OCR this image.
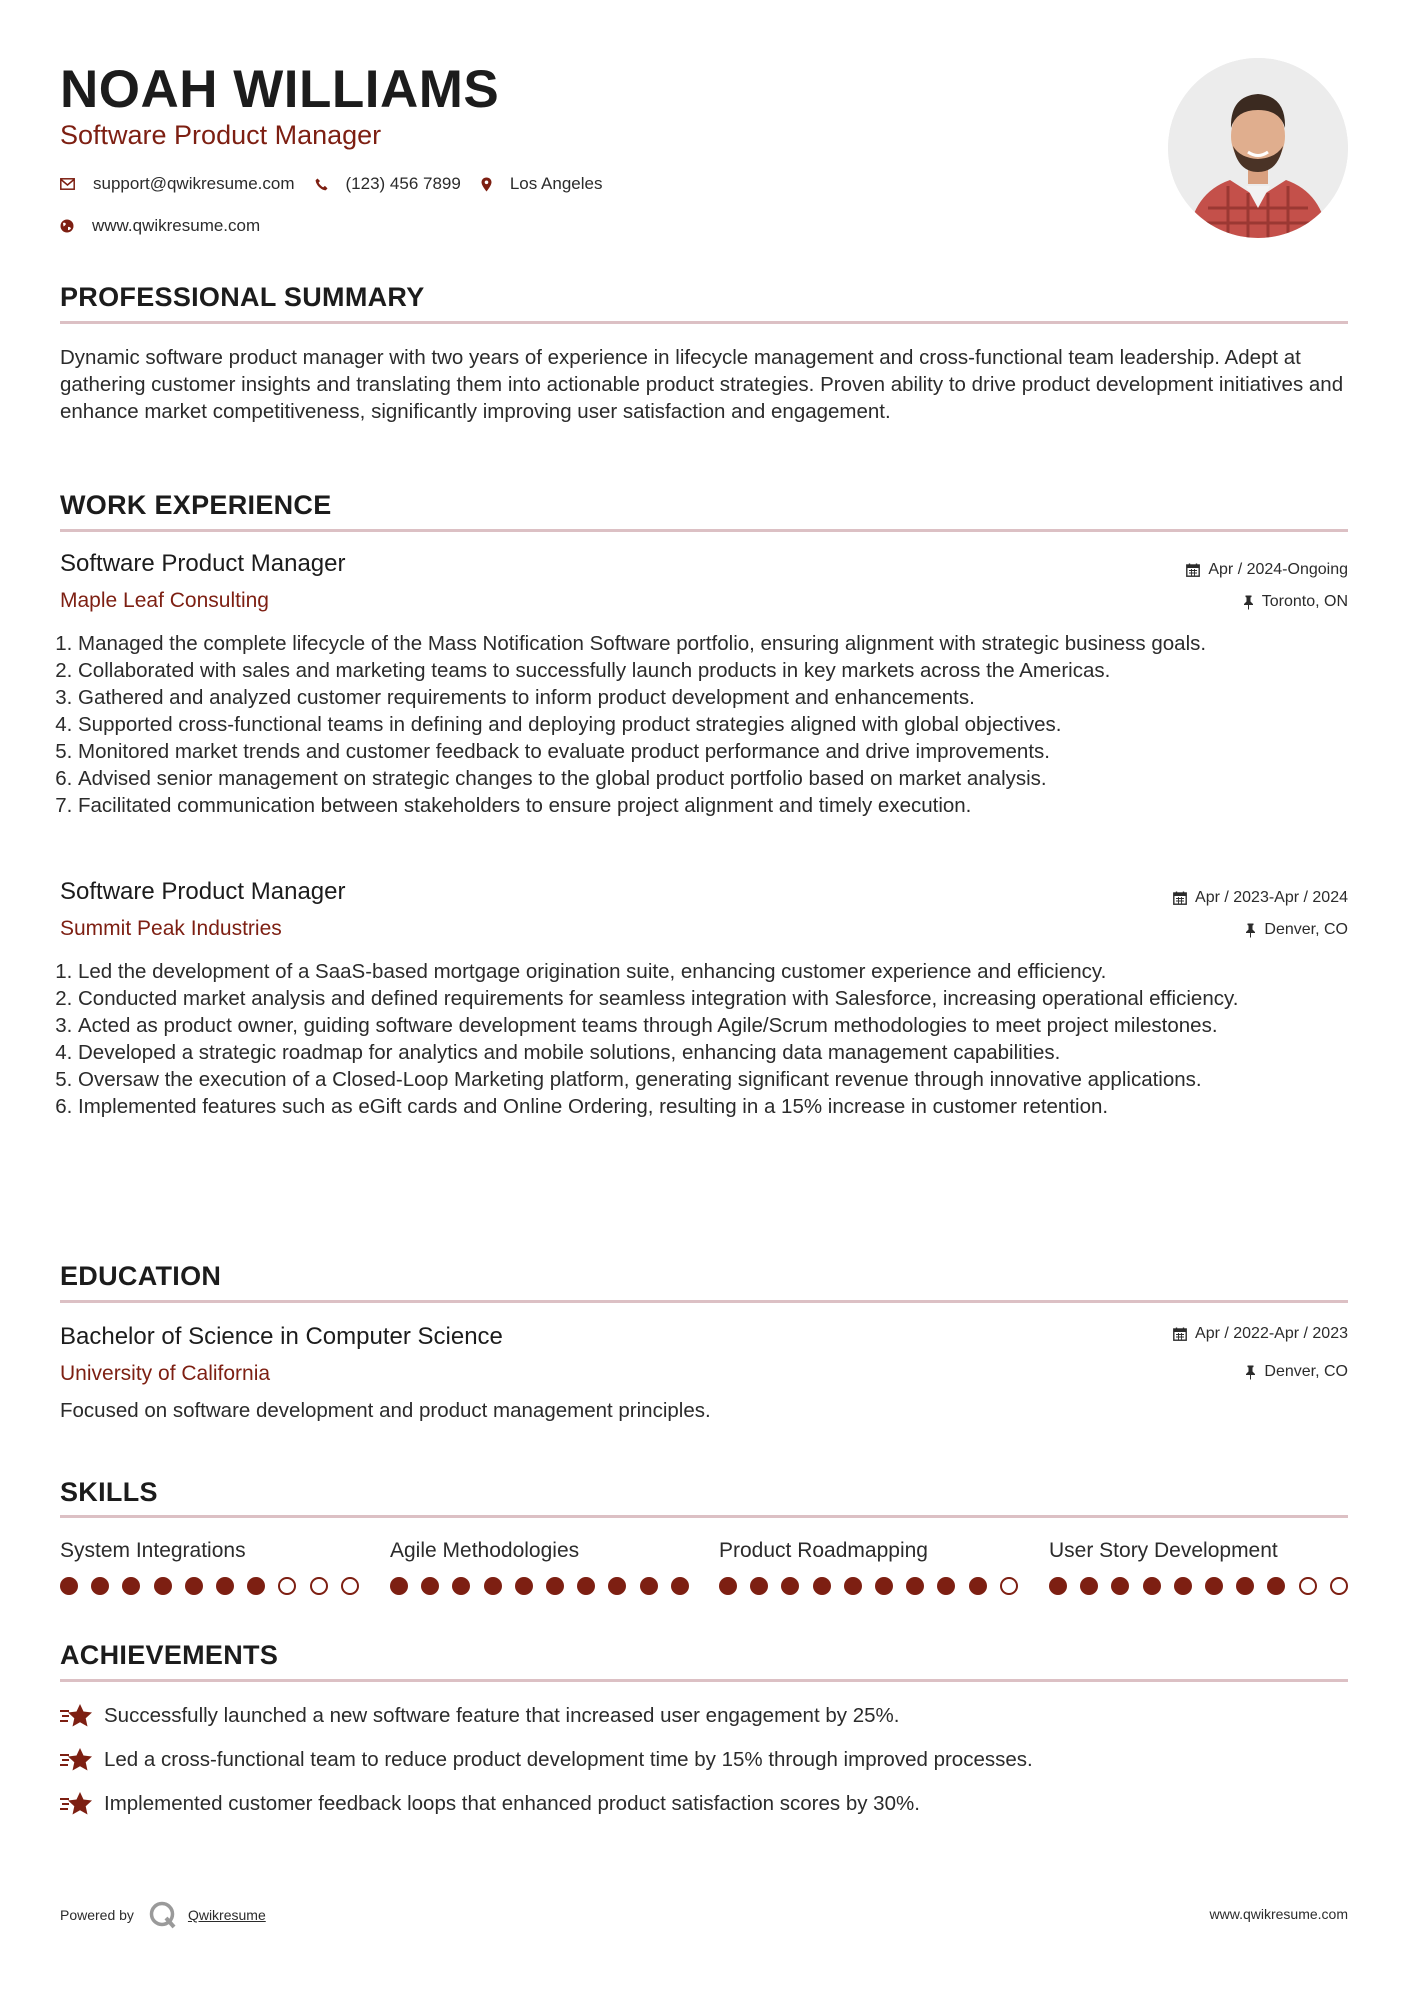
NOAH WILLIAMS
Software Product Manager
support@qwikresume.com	(123) 456 7899	Los Angeles
www.qwikresume.com
PROFESSIONAL SUMMARY
Dynamic software product manager with two years of experience in lifecycle management and cross-functional team leadership. Adept at gathering customer insights and translating them into actionable product strategies. Proven ability to drive product development initiatives and enhance market competitiveness, significantly improving user satisfaction and engagement.
WORK EXPERIENCE
Software Product Manager	Apr / 2024-Ongoing
Maple Leaf Consulting	Toronto, ON
1. Managed the complete lifecycle of the Mass Notification Software portfolio, ensuring alignment with strategic business goals.
2. Collaborated with sales and marketing teams to successfully launch products in key markets across the Americas.
3. Gathered and analyzed customer requirements to inform product development and enhancements.
4. Supported cross-functional teams in defining and deploying product strategies aligned with global objectives.
5. Monitored market trends and customer feedback to evaluate product performance and drive improvements.
6. Advised senior management on strategic changes to the global product portfolio based on market analysis.
7. Facilitated communication between stakeholders to ensure project alignment and timely execution.
Software Product Manager	Apr / 2023-Apr / 2024
Summit Peak Industries	Denver, CO
1. Led the development of a SaaS-based mortgage origination suite, enhancing customer experience and efficiency.
2. Conducted market analysis and defined requirements for seamless integration with Salesforce, increasing operational efficiency.
3. Acted as product owner, guiding software development teams through Agile/Scrum methodologies to meet project milestones.
4. Developed a strategic roadmap for analytics and mobile solutions, enhancing data management capabilities.
5. Oversaw the execution of a Closed-Loop Marketing platform, generating significant revenue through innovative applications.
6. Implemented features such as eGift cards and Online Ordering, resulting in a 15% increase in customer retention.
EDUCATION
Bachelor of Science in Computer Science	Apr / 2022-Apr / 2023
University of California	Denver, CO
Focused on software development and product management principles.
SKILLS
System Integrations	Agile Methodologies	Product Roadmapping	User Story Development
ACHIEVEMENTS
Successfully launched a new software feature that increased user engagement by 25%.
Led a cross-functional team to reduce product development time by 15% through improved processes.
Implemented customer feedback loops that enhanced product satisfaction scores by 30%.
Powered by	Qwikresume	www.qwikresume.com
